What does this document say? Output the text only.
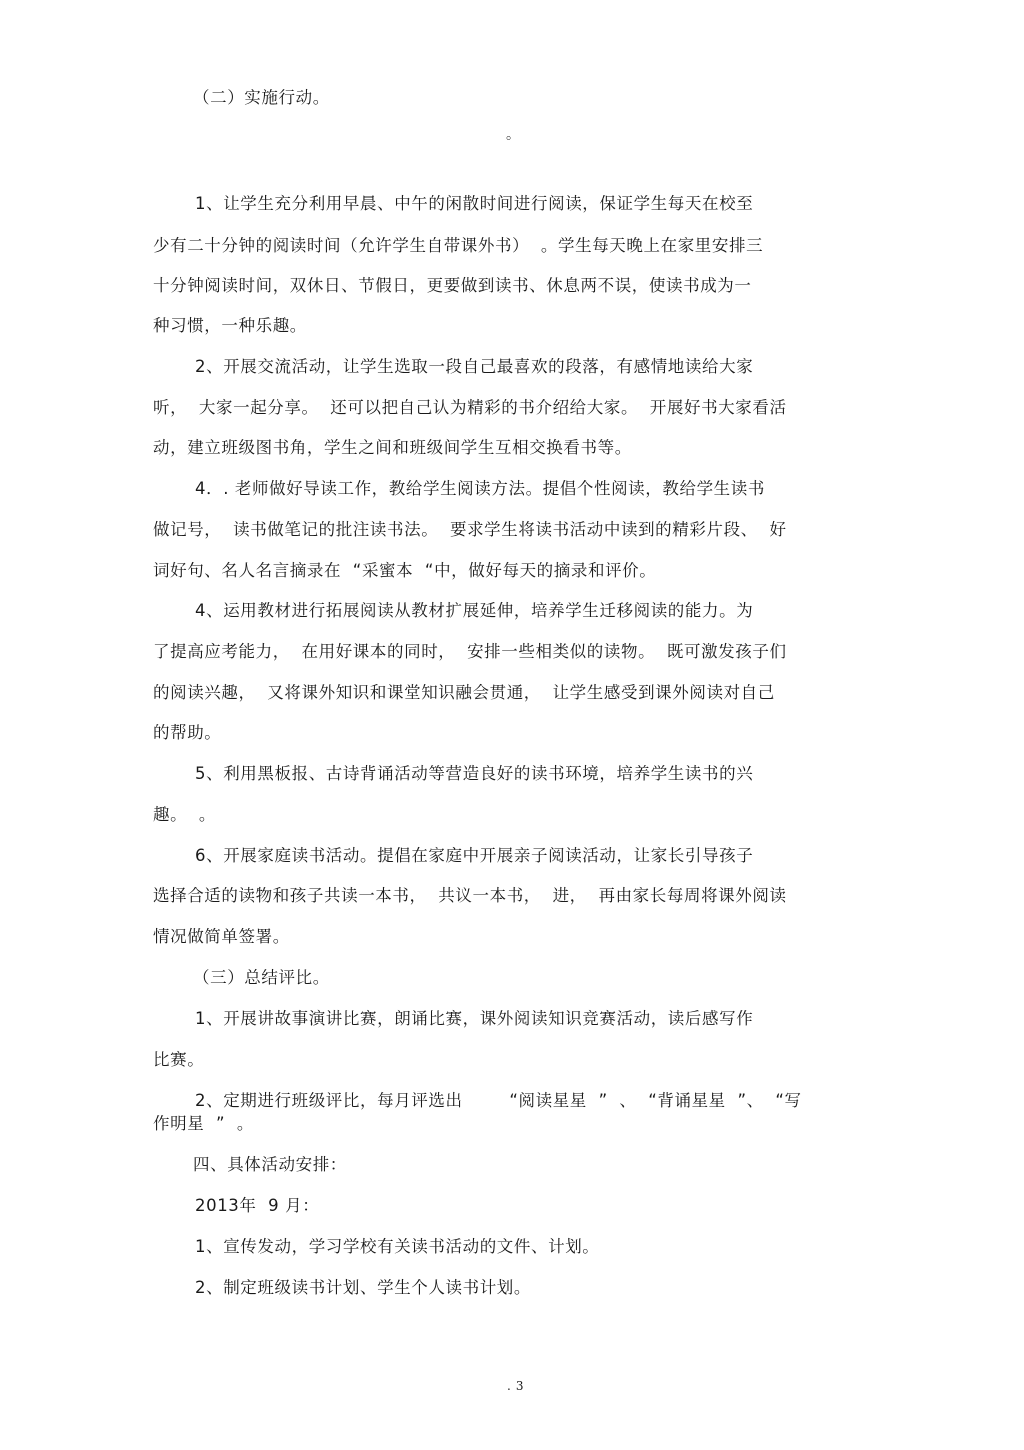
（二）实施行动。
。
1、让学生充分利用早晨、中午的闲散时间进行阅读，保证学生每天在校至
少有二十分钟的阅读时间（允许学生自带课外书）  。学生每天晚上在家里安排三
十分钟阅读时间，双休日、节假日，更要做到读书、休息两不误，使读书成为一
种习惯，一种乐趣。
2、开展交流活动，让学生选取一段自己最喜欢的段落，有感情地读给大家
听，  大家一起分享。  还可以把自己认为精彩的书介绍给大家。  开展好书大家看活
动，建立班级图书角，学生之间和班级间学生互相交换看书等。
4．. 老师做好导读工作，教给学生阅读方法。提倡个性阅读，教给学生读书
做记号，  读书做笔记的批注读书法。  要求学生将读书活动中读到的精彩片段、  好
词好句、名人名言摘录在  “采蜜本  “中，做好每天的摘录和评价。
4、运用教材进行拓展阅读从教材扩展延伸，培养学生迁移阅读的能力。为
了提高应考能力，  在用好课本的同时，  安排一些相类似的读物。  既可激发孩子们
的阅读兴趣，  又将课外知识和课堂知识融会贯通，  让学生感受到课外阅读对自己
的帮助。
5、利用黑板报、古诗背诵活动等营造良好的读书环境，培养学生读书的兴
趣。  。
6、开展家庭读书活动。提倡在家庭中开展亲子阅读活动，让家长引导孩子
选择合适的读物和孩子共读一本书，  共议一本书，  进，  再由家长每周将课外阅读
情况做简单签署。
（三）总结评比。
1、开展讲故事演讲比赛，朗诵比赛，课外阅读知识竞赛活动，读后感写作
比赛。
2、定期进行班级评比，每月评选出        “阅读星星  ”  、  “背诵星星  ”、  “写
作明星  ”  。
四、具体活动安排：
2013年  9 月：
1、宣传发动，学习学校有关读书活动的文件、计划。
2、制定班级读书计划、学生个人读书计划。
. 3
